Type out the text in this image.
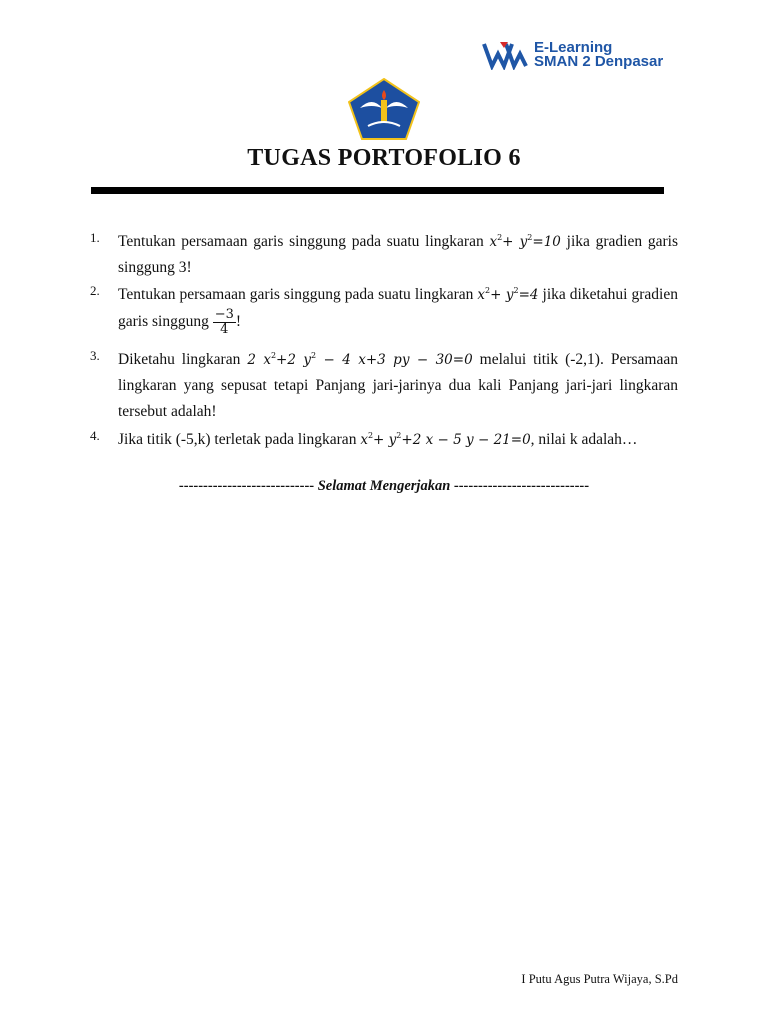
E-Learning
SMAN 2 Denpasar
TUGAS PORTOFOLIO 6
1. Tentukan persamaan garis singgung pada suatu lingkaran $x^2+ y^2=10$ jika gradien garis singgung 3!
2. Tentukan persamaan garis singgung pada suatu lingkaran $x^2+ y^2=4$ jika diketahui gradien garis singgung $\frac{-3}{4}$ !
3. Diketahu lingkaran 2 $x^2+2$ $y^2 - 4$ x+3 py − 30=0 melalui titik (-2,1). Persamaan lingkaran yang sepusat tetapi Panjang jari-jarinya dua kali Panjang jari-jari lingkaran tersebut adalah!
4. Jika titik (-5,k) terletak pada lingkaran $x^2+ y^2+2$ x − 5 y − 21=0, nilai k adalah…
---------------------------- Selamat Mengerjakan ----------------------------
I Putu Agus Putra Wijaya, S.Pd
